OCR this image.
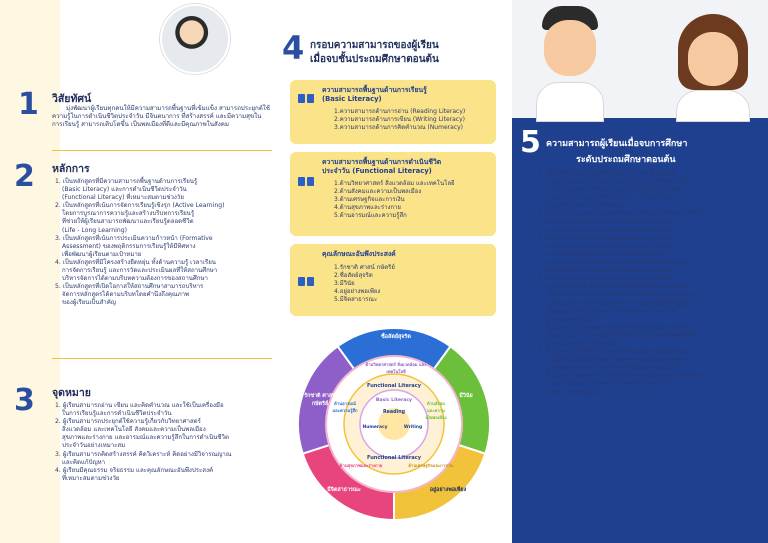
1 วิสัยทัศน์
มุ่งพัฒนาผู้เรียนทุกคนให้มีความสามารถพื้นฐานที่เข้มแข็ง สามารถประยุกต์ใช้ความรู้ในการดำเนินชีวิตประจำวัน มีจินตนาการ ที่สร้างสรรค์ และมีความสุขในการเรียนรู้ สามารถเติบโตขึ้น เป็นพลเมืองที่ดีและมีคุณภาพในสังคม
2 หลักการ
1. เป็นหลักสูตรที่มีความสามารถพื้นฐานด้านการเรียนรู้
(Basic Literacy) และการดำเนินชีวิตประจำวัน
(Functional Literacy) ที่เหมาะสมตามช่วงวัย
2. เป็นหลักสูตรที่เน้นการจัดการเรียนรู้เชิงรุก (Active Learning)
โดยการบูรณาการความรู้และสร้างบริบทการเรียนรู้
ที่ช่วยให้ผู้เรียนสามารถพัฒนาและเรียนรู้ตลอดชีวิต
(Life - Long Learning)
3. เป็นหลักสูตรที่เน้นการประเมินความก้าวหน้า (Formative
Assessment) ของพฤติกรรมการเรียนรู้ให้มีทิศทาง
เพื่อพัฒนาผู้เรียนตามเป้าหมาย
4. เป็นหลักสูตรที่มีโครงสร้างยืดหยุ่น ทั้งด้านความรู้ เวลาเรียน
การจัดการเรียนรู้ และการวัดและประเมินผลที่ให้สถานศึกษา
บริหารจัดการได้ตามบริบทความต้องการของสถานศึกษา
5. เป็นหลักสูตรที่เปิดโอกาสให้สถานศึกษาสามารถบริหาร
จัดการหลักสูตรได้ตามบริบทโดยคำนึงถึงคุณภาพ
ของผู้เรียนเป็นสำคัญ
3 จุดหมาย
1. ผู้เรียนสามารถอ่าน เขียน และคิดคำนวณ และใช้เป็นเครื่องมือ
ในการเรียนรู้และการดำเนินชีวิตประจำวัน
2. ผู้เรียนสามารถประยุกต์ใช้ความรู้เกี่ยวกับวิทยาศาสตร์
สิ่งแวดล้อม และเทคโนโลยี สังคมและความเป็นพลเมือง
สุขภาพและร่างกาย และอารมณ์และความรู้สึกในการดำเนินชีวิต
ประจำวันอย่างเหมาะสม
3. ผู้เรียนสามารถคิดสร้างสรรค์ คิดวิเคราะห์ คิดอย่างมีวิจารณญาณ
และคิดแก้ปัญหา
4. ผู้เรียนมีคุณธรรม จริยธรรม และคุณลักษณะอันพึงประสงค์
ที่เหมาะสมตามช่วงวัย
4 กรอบความสามารถของผู้เรียน
เมื่อจบชั้นประถมศึกษาตอนต้น
ความสามารถพื้นฐานด้านการเรียนรู้
(Basic Literacy)
1.ความสามารถด้านการอ่าน (Reading Literacy)
2.ความสามารถด้านการเขียน (Writing Literacy)
3.ความสามารถด้านการคิดคำนวณ (Numeracy)
ความสามารถพื้นฐานด้านการดำเนินชีวิต
ประจำวัน (Functional Literacy)
1.ด้านวิทยาศาสตร์ สิ่งแวดล้อม และเทคโนโลยี
2.ด้านสังคมและความเป็นพลเมือง
3.ด้านเศรษฐกิจและการเงิน
4.ด้านสุขภาพและร่างกาย
5.ด้านอารมณ์และความรู้สึก
คุณลักษณะอันพึงประสงค์
1.รักชาติ ศาสน์ กษัตริย์
2.ซื่อสัตย์สุจริต
3.มีวินัย
4.อยู่อย่างพอเพียง
5.มีจิตสาธารณะ
ซื่อสัตย์สุจริต
มีวินัย
อยู่อย่างพอเพียง
มีจิตสาธารณะ
รักชาติ ศาสน์ กษัตริย์
ด้านวิทยาศาสตร์ สิ่งแวดล้อม และเทคโนโลยี
ด้านสังคมและความเป็นพลเมือง
ด้านเศรษฐกิจและการเงิน
ด้านสุขภาพและร่างกาย
ด้านอารมณ์และความรู้สึก
Functional Literacy
Functional Literacy
Basic Literacy
Reading
Numeracy	Writing
5 ความสามารถผู้เรียนเมื่อจบการศึกษา
ระดับประถมศึกษาตอนต้น
1. เข้าใจความหมายของคำ ข้อความ ภาพ สัญลักษณ์
แผนภูมิ แผนภาพ แผนผัง และเรื่องราวในชีวิตประจำวัน
สามารถสรุปสาระสำคัญ และสื่อสารได้ทั้งภาษาไทย
และภาษาอังกฤษ ด้วยวิธีการต่าง ๆ อย่างเหมาะสม
มีประสิทธิภาพ และรับผิดชอบ
2. ใช้ความรู้เบื้องต้นทางคณิตศาสตร์แก้ปัญหาในชีวิตประจำวัน
ด้วยความเชื่อมั่น รวมถึงสามารถสื่อสารด้วยภาษา
และสัญลักษณ์ทางคณิตศาสตร์อย่างสมเหตุสมผล
3. รับรู้และเข้าใจการเปลี่ยนแปลงของปรากฏการณ์
ทางธรรมชาติและสิ่งแวดล้อมรอบตัว เทคโนโลยี
และใช้เป็นข้อมูลประกอบการตัดสินใจแก้ปัญหา
และสร้างสรรค์สิ่งใหม่เพื่อการดำเนินชีวิตอย่างเหมาะสม
สอดคล้องกับบริบทและสภาพแวดล้อมของตนเอง
4. รับรู้และเข้าใจบทบาทของตนเองในฐานะพลเมือง
ควบคุมอารมณ์ จัดการกับความเครียดและความท้าทาย
รับผิดชอบต่อการกระทำของตนเอง มีทักษะในการทำงาน
เป็นทีม สามารถสร้างและรักษาความสัมพันธ์ที่ดีกับผู้อื่น
รู้ผิดชอบชั่วดี มีส่วนร่วมในกิจกรรมทางวัฒนธรรม
และประเพณีท้องถิ่น
5. รับรู้และเข้าใจสภาพทางเศรษฐกิจของครอบครัว เข้าใจ
ถึงกระบวนการทำงานที่ทำให้เกิดรายได้ และมีทัศนคติที่ดี
ต่อการประกอบอาชีพสุจริต
6. รับรู้และเข้าใจเกี่ยวกับการดูแลรักษาสุขภาพของตนเอง
ปฏิบัติตนเป็นผู้มีสุขนิสัย รับผิดชอบต่อตนเองและสังคม
และป้องกันตัวเองจากการเสี่ยงหรืออันตรายรอบด้าน
7. รับรู้และเห็นคุณค่าความสุนทรียภาพของศิลปะและวัฒนธรรม
จากการมีส่วนร่วมกิจกรรมในท้องถิ่น และสื่อสาร
ด้วยความภาคภูมิใจ
